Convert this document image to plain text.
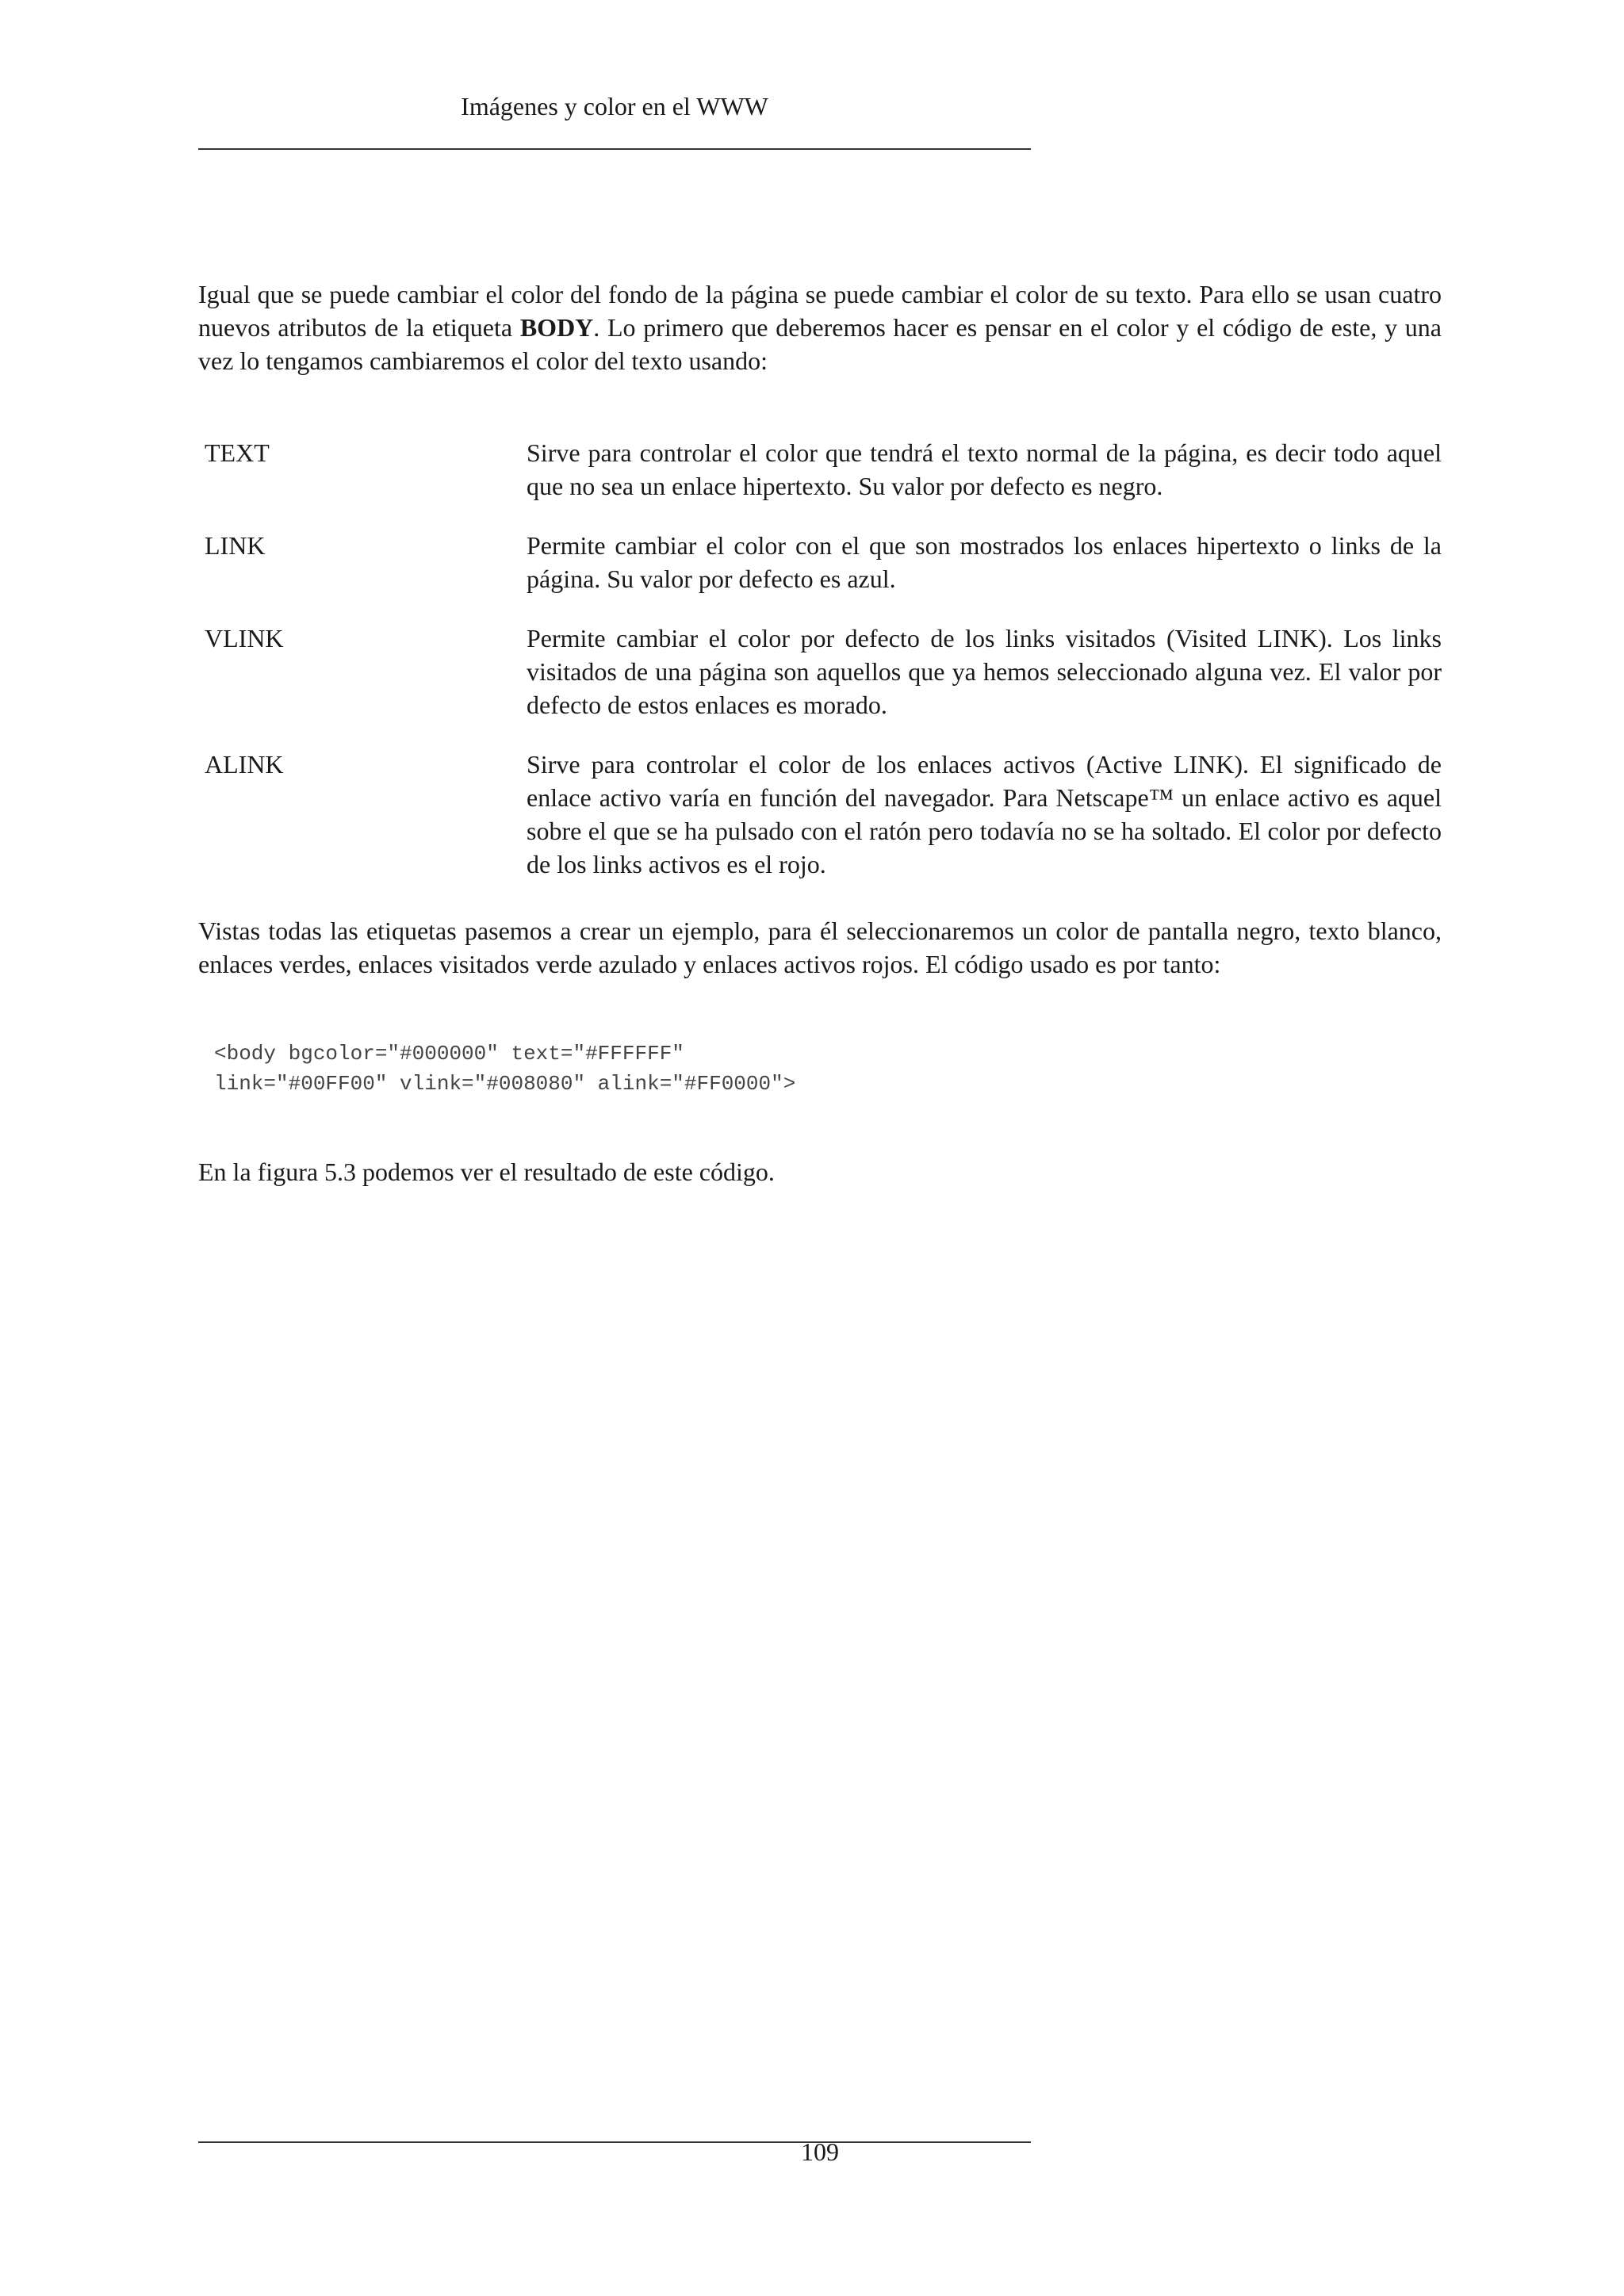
Imágenes y color en el WWW

Igual que se puede cambiar el color del fondo de la página se puede cambiar el color de su texto. Para ello se usan cuatro nuevos atributos de la etiqueta BODY. Lo primero que deberemos hacer es pensar en el color y el código de este, y una vez lo tengamos cambiaremos el color del texto usando:

TEXT	Sirve para controlar el color que tendrá el texto normal de la página, es decir todo aquel que no sea un enlace hipertexto. Su valor por defecto es negro.
LINK	Permite cambiar el color con el que son mostrados los enlaces hipertexto o links de la página. Su valor por defecto es azul.
VLINK	Permite cambiar el color por defecto de los links visitados (Visited LINK). Los links visitados de una página son aquellos que ya hemos seleccionado alguna vez. El valor por defecto de estos enlaces es morado.
ALINK	Sirve para controlar el color de los enlaces activos (Active LINK). El significado de enlace activo varía en función del navegador. Para Netscape™ un enlace activo es aquel sobre el que se ha pulsado con el ratón pero todavía no se ha soltado. El color por defecto de los links activos es el rojo.

Vistas todas las etiquetas pasemos a crear un ejemplo, para él seleccionaremos un color de pantalla negro, texto blanco, enlaces verdes, enlaces visitados verde azulado y enlaces activos rojos. El código usado es por tanto:

<body bgcolor="#000000" text="#FFFFFF"
link="#00FF00" vlink="#008080" alink="#FF0000">

En la figura 5.3 podemos ver el resultado de este código.

109
